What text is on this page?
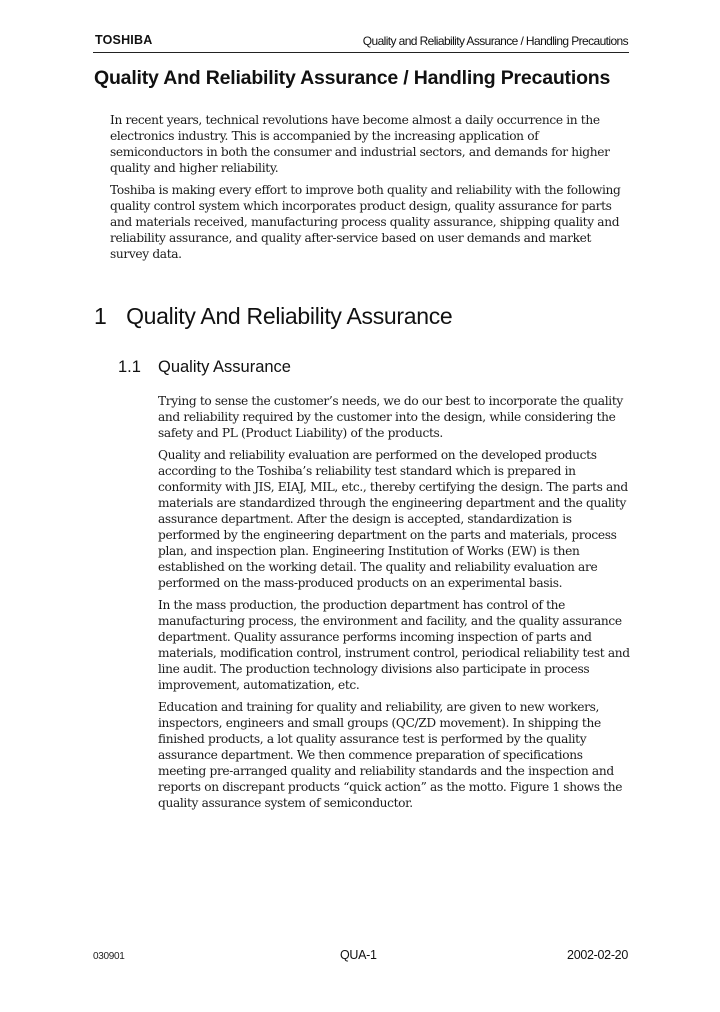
TOSHIBA	Quality and Reliability Assurance / Handling Precautions
Quality And Reliability Assurance / Handling Precautions

In recent years, technical revolutions have become almost a daily occurrence in the electronics industry. This is accompanied by the increasing application of semiconductors in both the consumer and industrial sectors, and demands for higher quality and higher reliability.

Toshiba is making every effort to improve both quality and reliability with the following quality control system which incorporates product design, quality assurance for parts and materials received, manufacturing process quality assurance, shipping quality and reliability assurance, and quality after-service based on user demands and market survey data.

1 Quality And Reliability Assurance
1.1 Quality Assurance

Trying to sense the customer’s needs, we do our best to incorporate the quality and reliability required by the customer into the design, while considering the safety and PL (Product Liability) of the products.

Quality and reliability evaluation are performed on the developed products according to the Toshiba’s reliability test standard which is prepared in conformity with JIS, EIAJ, MIL, etc., thereby certifying the design. The parts and materials are standardized through the engineering department and the quality assurance department. After the design is accepted, standardization is performed by the engineering department on the parts and materials, process plan, and inspection plan. Engineering Institution of Works (EW) is then established on the working detail. The quality and reliability evaluation are performed on the mass-produced products on an experimental basis.

In the mass production, the production department has control of the manufacturing process, the environment and facility, and the quality assurance department. Quality assurance performs incoming inspection of parts and materials, modification control, instrument control, periodical reliability test and line audit. The production technology divisions also participate in process improvement, automatization, etc.

Education and training for quality and reliability, are given to new workers, inspectors, engineers and small groups (QC/ZD movement). In shipping the finished products, a lot quality assurance test is performed by the quality assurance department. We then commence preparation of specifications meeting pre-arranged quality and reliability standards and the inspection and reports on discrepant products “quick action” as the motto. Figure 1 shows the quality assurance system of semiconductor.

030901	QUA-1	2002-02-20
